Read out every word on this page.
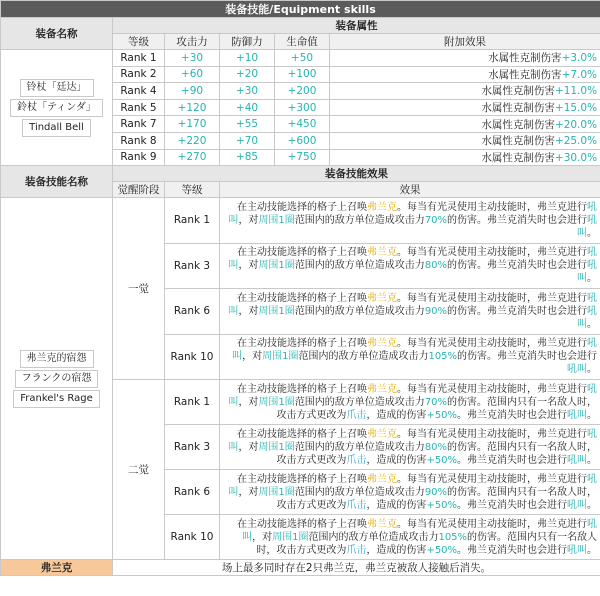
装备技能/Equipment skills					
装备名称	装备属性				
	等级	攻击力	防御力	生命值	附加效果

铃杖「廷达」
鈴杖「ティンダ」
Tindall Bell	Rank 1	+30	+10	+50	水属性克制伤害+3.0%
	Rank 2	+60	+20	+100	水属性克制伤害+7.0%
	Rank 4	+90	+30	+200	水属性克制伤害+11.0%
	Rank 5	+120	+40	+300	水属性克制伤害+15.0%
	Rank 7	+170	+55	+450	水属性克制伤害+20.0%
	Rank 8	+220	+70	+600	水属性克制伤害+25.0%
	Rank 9	+270	+85	+750	水属性克制伤害+30.0%
装备技能名称	装备技能效果				
	觉醒阶段	等级	效果		

弗兰克的宿怨
フランクの宿怨
Frankel's Rage	一觉	Rank 1	在主动技能选择的格子上召唤弗兰克。每当有光灵使用主动技能时，弗兰克进行吼叫，对周围1圈范围内的敌方单位造成攻击力70%的伤害。弗兰克消失时也会进行吼叫。		
		Rank 3	在主动技能选择的格子上召唤弗兰克。每当有光灵使用主动技能时，弗兰克进行吼叫，对周围1圈范围内的敌方单位造成攻击力80%的伤害。弗兰克消失时也会进行吼叫。		
		Rank 6	在主动技能选择的格子上召唤弗兰克。每当有光灵使用主动技能时，弗兰克进行吼叫，对周围1圈范围内的敌方单位造成攻击力90%的伤害。弗兰克消失时也会进行吼叫。		
		Rank 10	在主动技能选择的格子上召唤弗兰克。每当有光灵使用主动技能时，弗兰克进行吼叫，对周围1圈范围内的敌方单位造成攻击力105%的伤害。弗兰克消失时也会进行吼叫。		
	二觉	Rank 1	在主动技能选择的格子上召唤弗兰克。每当有光灵使用主动技能时，弗兰克进行吼叫，对周围1圈范围内的敌方单位造成攻击力70%的伤害。范围内只有一名敌人时，攻击方式更改为爪击，造成的伤害+50%。弗兰克消失时也会进行吼叫。		
		Rank 3	在主动技能选择的格子上召唤弗兰克。每当有光灵使用主动技能时，弗兰克进行吼叫，对周围1圈范围内的敌方单位造成攻击力80%的伤害。范围内只有一名敌人时，攻击方式更改为爪击，造成的伤害+50%。弗兰克消失时也会进行吼叫。		
		Rank 6	在主动技能选择的格子上召唤弗兰克。每当有光灵使用主动技能时，弗兰克进行吼叫，对周围1圈范围内的敌方单位造成攻击力90%的伤害。范围内只有一名敌人时，攻击方式更改为爪击，造成的伤害+50%。弗兰克消失时也会进行吼叫。		
		Rank 10	在主动技能选择的格子上召唤弗兰克。每当有光灵使用主动技能时，弗兰克进行吼叫，对周围1圈范围内的敌方单位造成攻击力105%的伤害。范围内只有一名敌人时，攻击方式更改为爪击，造成的伤害+50%。弗兰克消失时也会进行吼叫。		
弗兰克	场上最多同时存在2只弗兰克，弗兰克被敌人接触后消失。				
